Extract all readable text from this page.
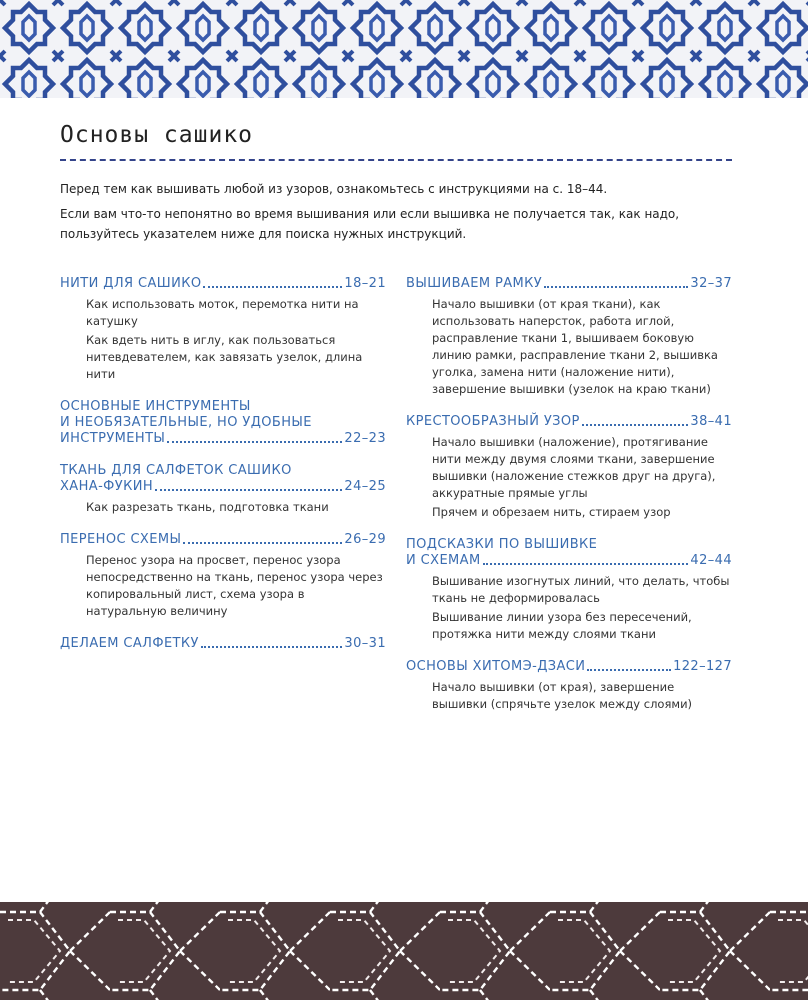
Основы сашико
Перед тем как вышивать любой из узоров, ознакомьтесь с инструкциями на с. 18–44.
Если вам что-то непонятно во время вышивания или если вышивка не получается так, как надо, пользуйтесь указателем ниже для поиска нужных инструкций.
НИТИ ДЛЯ САШИКО	18–21

Как использовать моток, перемотка нити на катушку

Как вдеть нить в иглу, как пользоваться нитевдевателем, как завязать узелок, длина нити

ОСНОВНЫЕ ИНСТРУМЕНТЫ
И НЕОБЯЗАТЕЛЬНЫЕ, НО УДОБНЫЕ
ИНСТРУМЕНТЫ	22–23
ТКАНЬ ДЛЯ САЛФЕТОК САШИКО
ХАНА-ФУКИН	24–25

Как разрезать ткань, подготовка ткани

ПЕРЕНОС СХЕМЫ	26–29

Перенос узора на просвет, перенос узора непосредственно на ткань, перенос узора через копировальный лист, схема узора в натуральную величину

ДЕЛАЕМ САЛФЕТКУ	30–31
ВЫШИВАЕМ РАМКУ	32–37

Начало вышивки (от края ткани), как использовать наперсток, работа иглой, расправление ткани 1, вышиваем боковую линию рамки, расправление ткани 2, вышивка уголка, замена нити (наложение нити), завершение вышивки (узелок на краю ткани)

КРЕСТООБРАЗНЫЙ УЗОР	38–41

Начало вышивки (наложение), протягивание нити между двумя слоями ткани, завершение вышивки (наложение стежков друг на друга), аккуратные прямые углы

Прячем и обрезаем нить, стираем узор

ПОДСКАЗКИ ПО ВЫШИВКЕ
И СХЕМАМ	42–44

Вышивание изогнутых линий, что делать, чтобы ткань не деформировалась

Вышивание линии узора без пересечений, протяжка нити между слоями ткани

ОСНОВЫ ХИТОМЭ-ДЗАСИ	122–127

Начало вышивки (от края), завершение вышивки (спрячьте узелок между слоями)
